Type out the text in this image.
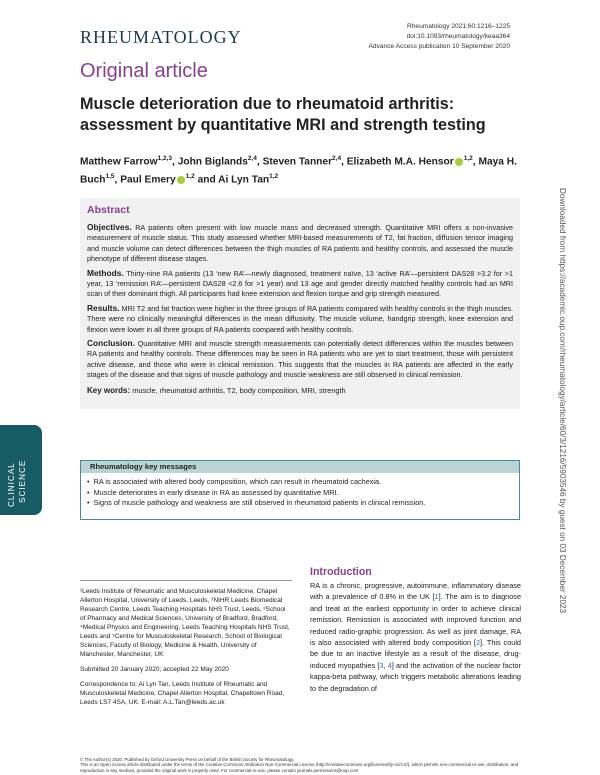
RHEUMATOLOGY
Rheumatology 2021;60:1216–1225
doi:10.1093/rheumatology/keaa364
Advance Access publication 10 September 2020
Original article
Muscle deterioration due to rheumatoid arthritis: assessment by quantitative MRI and strength testing
Matthew Farrow$^{1,2,3}$, John Biglands$^{2,4}$, Steven Tanner$^{2,4}$, Elizabeth M.A. Hensor $^{1,2}$, Maya H. Buch$^{1,5}$, Paul Emery $^{1,2}$ and Ai Lyn Tan$^{1,2}$
Abstract

Objectives. RA patients often present with low muscle mass and decreased strength. Quantitative MRI offers a non-invasive measurement of muscle status. This study assessed whether MRI-based measurements of T2, fat fraction, diffusion tensor imaging and muscle volume can detect differences between the thigh muscles of RA patients and healthy controls, and assessed the muscle phenotype of different disease stages.

Methods. Thirty-nine RA patients (13 ‘new RA’—newly diagnosed, treatment naïve, 13 ‘active RA’—persistent DAS28 >3.2 for >1 year, 13 ‘remission RA’—persistent DAS28 <2.6 for >1 year) and 13 age and gender directly matched healthy controls had an MRI scan of their dominant thigh. All participants had knee extension and flexion torque and grip strength measured.

Results. MRI T2 and fat fraction were higher in the three groups of RA patients compared with healthy controls in the thigh muscles. There were no clinically meaningful differences in the mean diffusivity. The muscle volume, handgrip strength, knee extension and flexion were lower in all three groups of RA patients compared with healthy controls.

Conclusion. Quantitative MRI and muscle strength measurements can potentially detect differences within the muscles between RA patients and healthy controls. These differences may be seen in RA patients who are yet to start treatment, those with persistent active disease, and those who were in clinical remission. This suggests that the muscles in RA patients are affected in the early stages of the disease and that signs of muscle pathology and muscle weakness are still observed in clinical remission.

Key words: muscle, rheumatoid arthritis, T2, body composition, MRI, strength

CLINICAL SCIENCE	Rheumatology key messages
• RA is associated with altered body composition, which can result in rheumatoid cachexia.
• Muscle deteriorates in early disease in RA as assessed by quantitative MRI.
• Signs of muscle pathology and weakness are still observed in rheumatoid patients in clinical remission.

¹Leeds Institute of Rheumatic and Musculoskeletal Medicine, Chapel Allerton Hospital, University of Leeds, Leeds, ²NIHR Leeds Biomedical Research Centre, Leeds Teaching Hospitals NHS Trust, Leeds, ³School of Pharmacy and Medical Sciences, University of Bradford, Bradford, ⁴Medical Physics and Engineering, Leeds Teaching Hospitals NHS Trust, Leeds and ⁵Centre for Musculoskeletal Research, School of Biological Sciences, Faculty of Biology, Medicine & Health, University of Manchester, Manchester, UK

Submitted 20 January 2020; accepted 22 May 2020

Correspondence to: Ai Lyn Tan, Leeds Institute of Rheumatic and Musculoskeletal Medicine, Chapel Allerton Hospital, Chapeltown Road, Leeds LS7 4SA, UK. E-mail: A.L.Tan@leeds.ac.uk

Introduction
RA is a chronic, progressive, autoimmune, inflammatory disease with a prevalence of 0.8% in the UK [1]. The aim is to diagnose and treat at the earliest opportunity in order to achieve clinical remission. Remission is associated with improved function and reduced radio-graphic progression. As well as joint damage, RA is also associated with altered body composition [2]. This could be due to an inactive lifestyle as a result of the disease, drug-induced myopathies [3, 4] and the activation of the nuclear factor kappa-beta pathway, which triggers metabolic alterations leading to the degradation of
© The Author(s) 2020. Published by Oxford University Press on behalf of the British Society for Rheumatology.
This is an Open Access article distributed under the terms of the Creative Commons Attribution Non-Commercial License (http://creativecommons.org/licenses/by-nc/4.0/), which permits non-commercial re-use, distribution, and reproduction in any medium, provided the original work is properly cited. For commercial re-use, please contact journals.permissions@oup.com
Downloaded from https://academic.oup.com/rheumatology/article/60/3/1216/5903546 by guest on 03 December 2023
